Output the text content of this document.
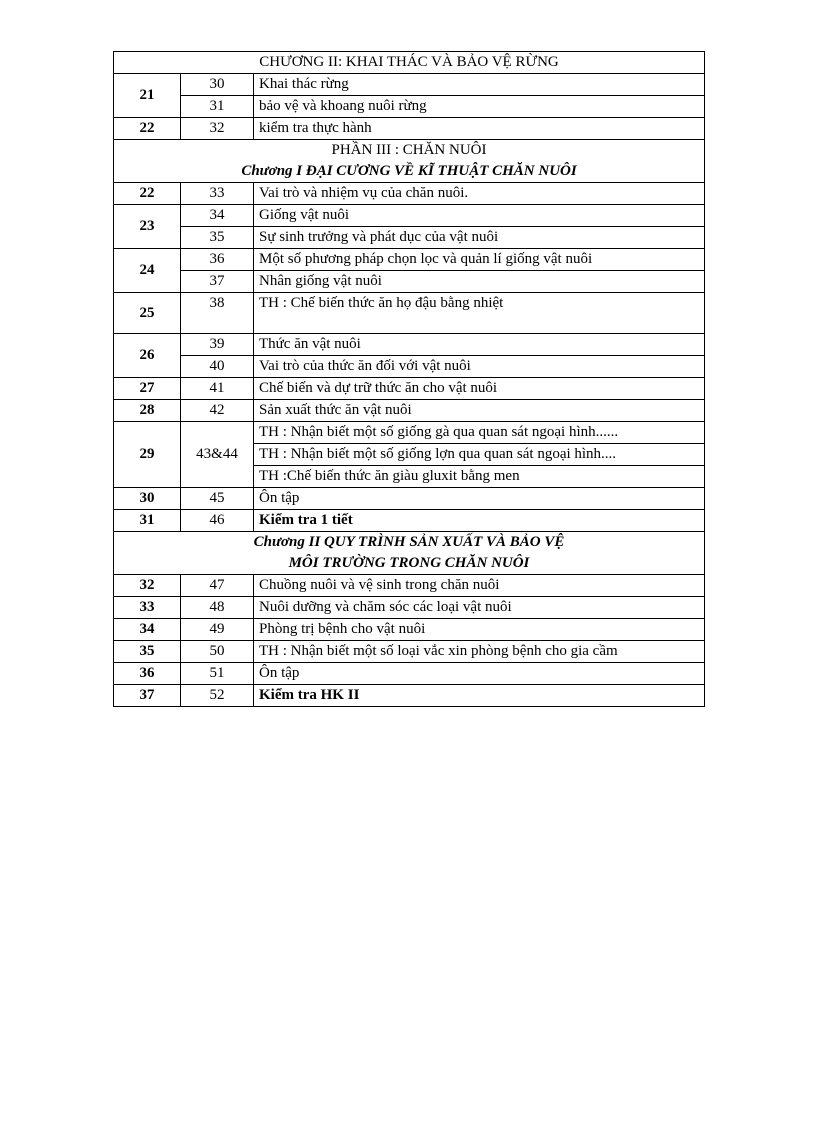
CHƯƠNG II: KHAI THÁC VÀ BẢO VỆ RỪNG		
21	30	Khai thác rừng
	31	bảo vệ và khoang nuôi rừng
22	32	kiểm tra thực hành

PHẦN III : CHĂN NUÔI
Chương I ĐẠI CƯƠNG VỀ KĨ THUẬT CHĂN NUÔI		

22	33	Vai trò và nhiệm vụ của chăn nuôi.
23	34	Giống vật nuôi
	35	Sự sinh trưởng và phát dục của vật nuôi
24	36	Một số phương pháp chọn lọc và quản lí giống vật nuôi
	37	Nhân giống vật nuôi
25	38	TH : Chế biến thức ăn họ đậu bằng nhiệt
26	39	Thức ăn vật nuôi
	40	Vai trò của thức ăn đối với vật nuôi
27	41	Chế biến và dự trữ thức ăn cho vật nuôi
28	42	Sản xuất thức ăn vật nuôi
29	43&44	TH : Nhận biết một số giống gà qua quan sát ngoại hình......
		TH : Nhận biết một số giống lợn qua quan sát ngoại hình....
		TH :Chế biến thức ăn giàu gluxit bằng men
30	45	Ôn tập
31	46	Kiểm tra 1 tiết

Chương II QUY TRÌNH SẢN XUẤT VÀ BẢO VỆ
MÔI TRƯỜNG TRONG CHĂN NUÔI		

32	47	Chuồng nuôi và vệ sinh trong chăn nuôi
33	48	Nuôi dưỡng và chăm sóc các loại vật nuôi
34	49	Phòng trị bệnh cho vật nuôi
35	50	TH : Nhận biết một số loại vắc xin phòng bệnh cho gia cầm
36	51	Ôn tập
37	52	Kiểm tra HK II
